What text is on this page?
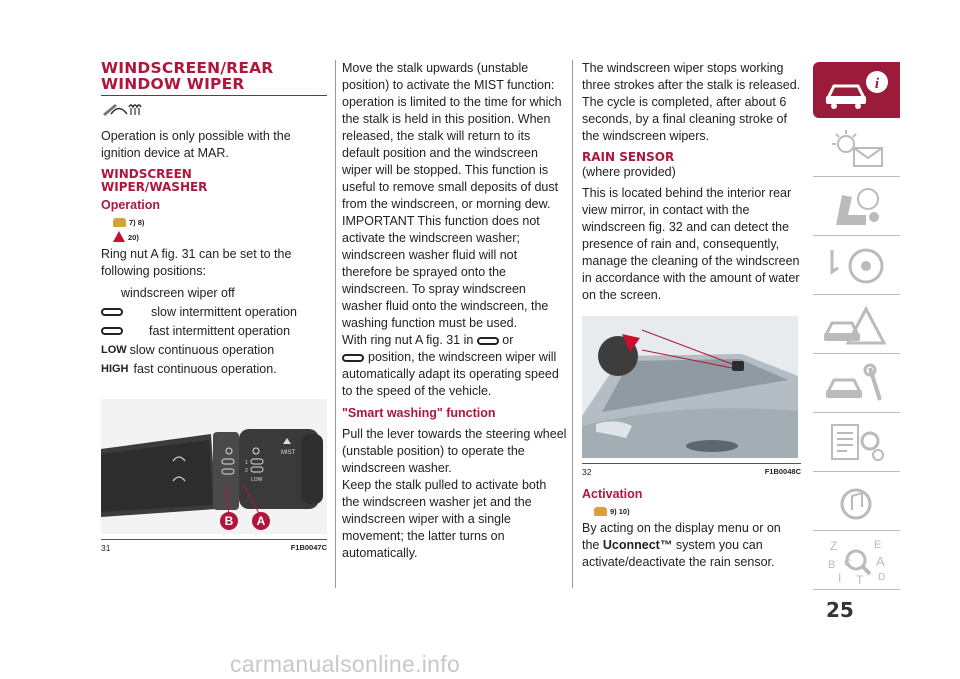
WINDSCREEN/REAR WINDOW WIPER

Operation is only possible with the ignition device at MAR.

WINDSCREEN WIPER/WASHER
Operation
7) 8)
20)

Ring nut A fig. 31 can be set to the following positions:

windscreen wiper off
slow intermittent operation
fast intermittent operation
LOW slow continuous operation
HIGH fast continuous operation.
1
2
LOW
MIST
B A
31	F1B0047C

Move the stalk upwards (unstable position) to activate the MIST function: operation is limited to the time for which the stalk is held in this position. When released, the stalk will return to its default position and the windscreen wiper will be stopped. This function is useful to remove small deposits of dust from the windscreen, or morning dew.

IMPORTANT This function does not activate the windscreen washer; windscreen washer fluid will not therefore be sprayed onto the windscreen. To spray windscreen washer fluid onto the windscreen, the washing function must be used.

With ring nut A fig. 31 in or
position, the windscreen wiper will automatically adapt its operating speed to the speed of the vehicle.

"Smart washing" function

Pull the lever towards the steering wheel (unstable position) to operate the windscreen washer.

Keep the stalk pulled to activate both the windscreen washer jet and the windscreen wiper with a single movement; the latter turns on automatically.

The windscreen wiper stops working three strokes after the stalk is released. The cycle is completed, after about 6 seconds, by a final cleaning stroke of the windscreen wipers.

RAIN SENSOR

(where provided)

This is located behind the interior rear view mirror, in contact with the windscreen fig. 32 and can detect the presence of rain and, consequently, manage the cleaning of the windscreen in accordance with the amount of water on the screen.

32	F1B0048C
Activation
9) 10)

By acting on the display menu or on the Uconnect™ system you can activate/deactivate the rain sensor.

i
Z	E
B	A
C
T D
I
25
carmanualsonline.info
